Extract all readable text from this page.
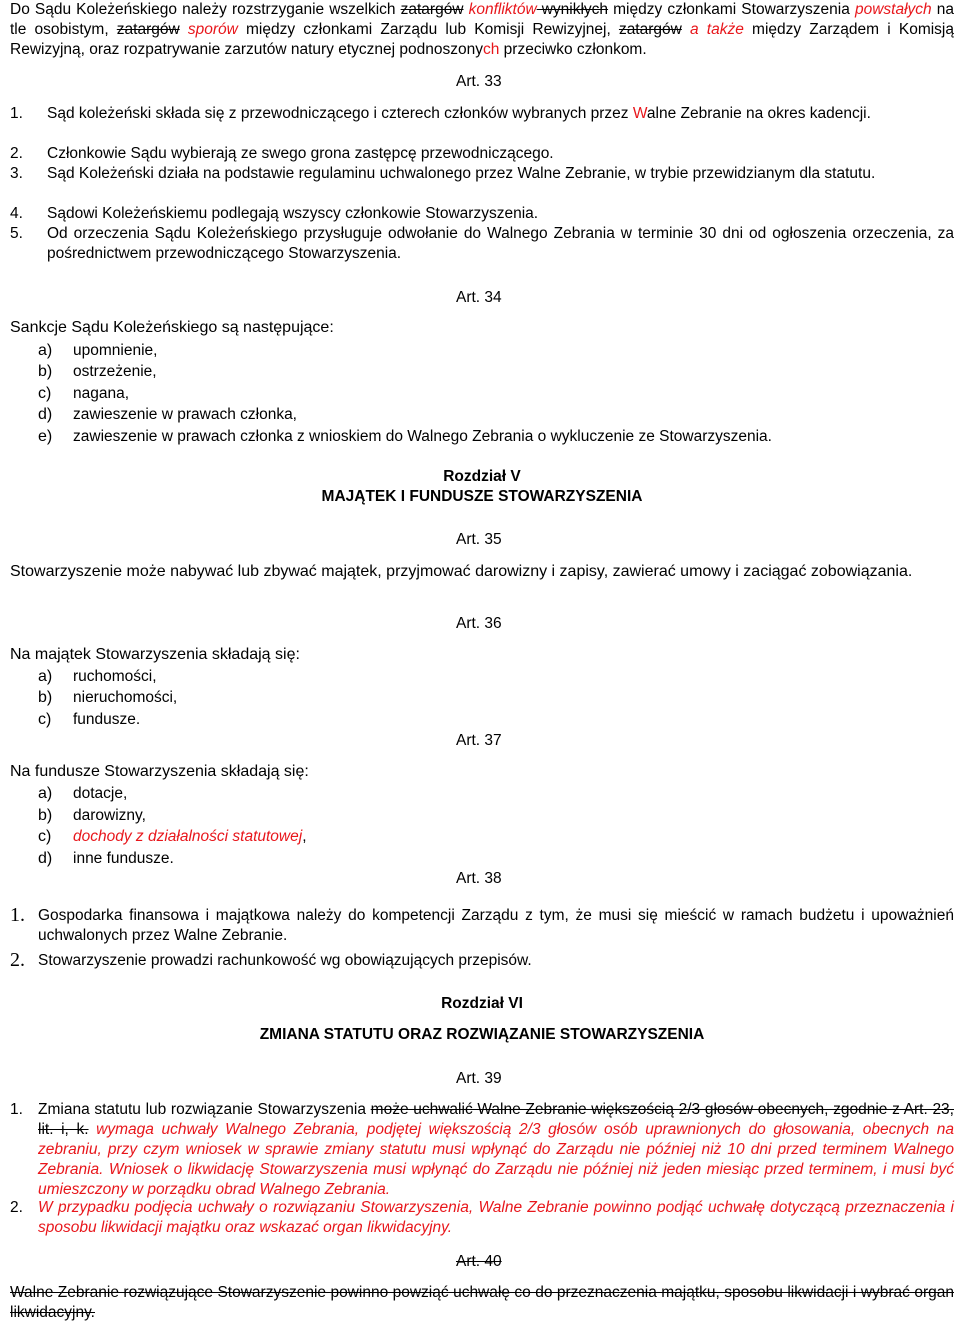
Do Sądu Koleżeńskiego należy rozstrzyganie wszelkich zatargów konfliktów wynikłych między członkami Stowarzyszenia powstałych na tle osobistym, zatargów sporów między członkami Zarządu lub Komisji Rewizyjnej, zatargów a także między Zarządem i Komisją Rewizyjną, oraz rozpatrywanie zarzutów natury etycznej podnoszonych przeciwko członkom.
Art. 33
1. Sąd koleżeński składa się z przewodniczącego i czterech członków wybranych przez Walne Zebranie na okres kadencji.
2. Członkowie Sądu wybierają ze swego grona zastępcę przewodniczącego.
3. Sąd Koleżeński działa na podstawie regulaminu uchwalonego przez Walne Zebranie, w trybie przewidzianym dla statutu.
4. Sądowi Koleżeńskiemu podlegają wszyscy członkowie Stowarzyszenia.
5. Od orzeczenia Sądu Koleżeńskiego przysługuje odwołanie do Walnego Zebrania w terminie 30 dni od ogłoszenia orzeczenia, za pośrednictwem przewodniczącego Stowarzyszenia.
Art. 34
Sankcje Sądu Koleżeńskiego są następujące:
a) upomnienie,
b) ostrzeżenie,
c) nagana,
d) zawieszenie w prawach członka,
e) zawieszenie w prawach członka z wnioskiem do Walnego Zebrania o wykluczenie ze Stowarzyszenia.
Rozdział V
MAJĄTEK I FUNDUSZE STOWARZYSZENIA
Art. 35
Stowarzyszenie może nabywać lub zbywać majątek, przyjmować darowizny i zapisy, zawierać umowy i zaciągać zobowiązania.
Art. 36
Na majątek Stowarzyszenia składają się:
a) ruchomości,
b) nieruchomości,
c) fundusze.
Art. 37
Na fundusze Stowarzyszenia składają się:
a) dotacje,
b) darowizny,
c) dochody z działalności statutowej,
d) inne fundusze.
Art. 38
1. Gospodarka finansowa i majątkowa należy do kompetencji Zarządu z tym, że musi się mieścić w ramach budżetu i upoważnień uchwalonych przez Walne Zebranie.
2. Stowarzyszenie prowadzi rachunkowość wg obowiązujących przepisów.
Rozdział VI
ZMIANA STATUTU ORAZ ROZWIĄZANIE STOWARZYSZENIA
Art. 39
1. Zmiana statutu lub rozwiązanie Stowarzyszenia może uchwalić Walne Zebranie większością 2/3 głosów obecnych, zgodnie z Art. 23, lit. i, k. wymaga uchwały Walnego Zebrania, podjętej większością 2/3 głosów osób uprawnionych do głosowania, obecnych na zebraniu, przy czym wniosek w sprawie zmiany statutu musi wpłynąć do Zarządu nie później niż 10 dni przed terminem Walnego Zebrania. Wniosek o likwidację Stowarzyszenia musi wpłynąć do Zarządu nie później niż jeden miesiąc przed terminem, i musi być umieszczony w porządku obrad Walnego Zebrania.
2. W przypadku podjęcia uchwały o rozwiązaniu Stowarzyszenia, Walne Zebranie powinno podjąć uchwałę dotyczącą przeznaczenia i sposobu likwidacji majątku oraz wskazać organ likwidacyjny.
Art. 40
Walne Zebranie rozwiązujące Stowarzyszenie powinno powziąć uchwałę co do przeznaczenia majątku, sposobu likwidacji i wybrać organ likwidacyjny.
